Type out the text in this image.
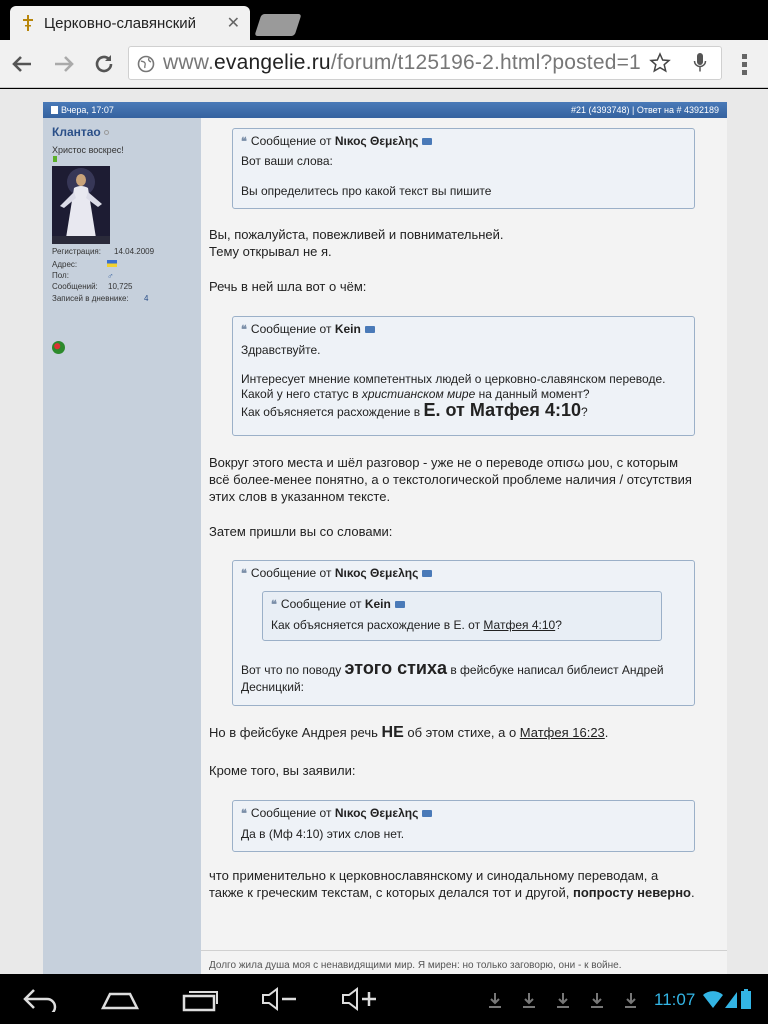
Церковно-славянский	✕
www.evangelie.ru/forum/t125196-2.html?posted=1
Вчера, 17:07	#21 (4393748) | Ответ на # 4392189
Клантао
Христос воскрес!
Регистрация: 14.04.2009
Адрес:
Пол:	♂
Сообщений: 10,725
Записей в дневнике: 4
❝ Сообщение от Νικος Θεμελης
Вот ваши слова:
Вы определитесь про какой текст вы пишите
Вы, пожалуйста, повежливей и повнимательней.
Тему открывал не я.
Речь в ней шла вот о чём:
❝ Сообщение от Kein
Здравствуйте.
Интересует мнение компетентных людей о церковно-славянском переводе.
Какой у него статус в христианском мире на данный момент?
Как объясняется расхождение в Е. от Матфея 4:10?
Вокруг этого места и шёл разговор - уже не о переводе οπισω μου, с которым
всё более-менее понятно, а о текстологической проблеме наличия / отсутствия
этих слов в указанном тексте.
Затем пришли вы со словами:
❝ Сообщение от Νικος Θεμελης
❝ Сообщение от Kein
Как объясняется расхождение в Е. от Матфея 4:10?
Вот что по поводу этого стиха в фейсбуке написал библеист Андрей
Десницкий:
Но в фейсбуке Андрея речь НЕ об этом стихе, а о Матфея 16:23.
Кроме того, вы заявили:
❝ Сообщение от Νικος Θεμελης
Да в (Мф 4:10) этих слов нет.
что применительно к церковнославянскому и синодальному переводам, а
также к греческим текстам, с которых делался тот и другой, попросту неверно.
Долго жила душа моя с ненавидящими мир. Я мирен: но только заговорю, они - к войне.
11:07
